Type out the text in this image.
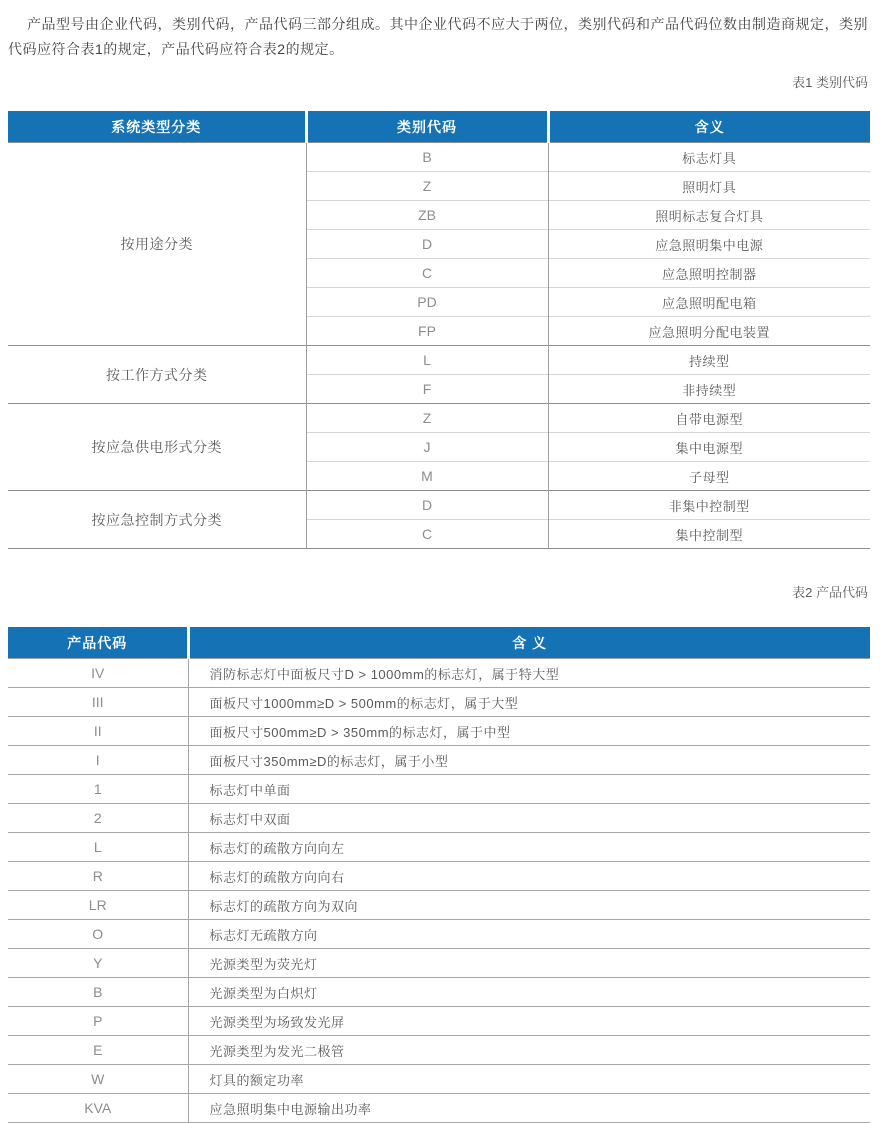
产品型号由企业代码，类别代码，产品代码三部分组成。其中企业代码不应大于两位，类别代码和产品代码位数由制造商规定，类别代码应符合表1的规定，产品代码应符合表2的规定。

表1 类别代码
系统类型分类	类别代码	含义
按用途分类	B	标志灯具
	Z	照明灯具
	ZB	照明标志复合灯具
	D	应急照明集中电源
	C	应急照明控制器
	PD	应急照明配电箱
	FP	应急照明分配电装置
按工作方式分类	L	持续型
	F	非持续型
按应急供电形式分类	Z	自带电源型
	J	集中电源型
	M	子母型
按应急控制方式分类	D	非集中控制型
	C	集中控制型
表2 产品代码
产品代码	含 义
IV	消防标志灯中面板尺寸D > 1000mm的标志灯，属于特大型
III	面板尺寸1000mm≥D > 500mm的标志灯，属于大型
II	面板尺寸500mm≥D > 350mm的标志灯，属于中型
I	面板尺寸350mm≥D的标志灯，属于小型
1	标志灯中单面
2	标志灯中双面
L	标志灯的疏散方向向左
R	标志灯的疏散方向向右
LR	标志灯的疏散方向为双向
O	标志灯无疏散方向
Y	光源类型为荧光灯
B	光源类型为白炽灯
P	光源类型为场致发光屏
E	光源类型为发光二极管
W	灯具的额定功率
KVA	应急照明集中电源输出功率
